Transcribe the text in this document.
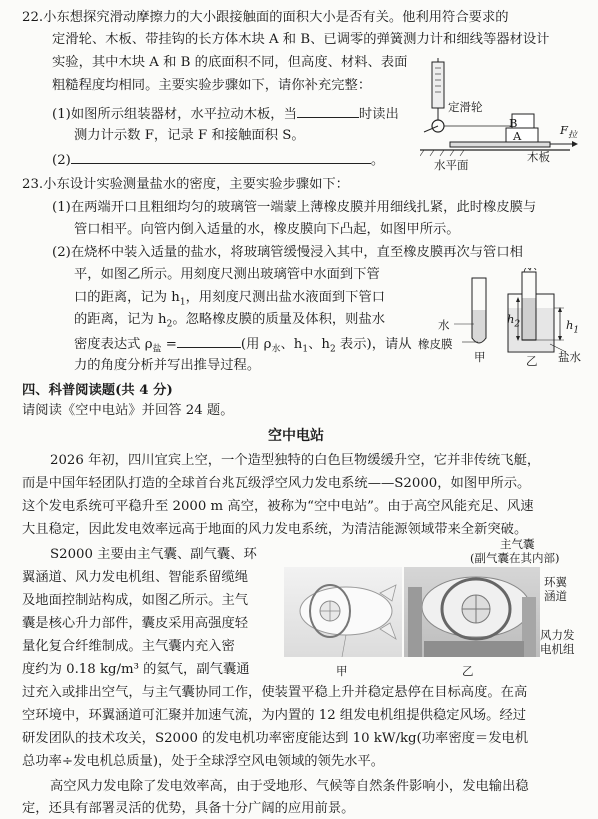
22.小东想探究滑动摩擦力的大小跟接触面的面积大小是否有关。他利用符合要求的
定滑轮、木板、带挂钩的长方体木块 A 和 B、已调零的弹簧测力计和细线等器材设计
实验，其中木块 A 和 B 的底面积不同，但高度、材料、表面
粗糙程度均相同。主要实验步骤如下，请你补充完整：
(1)如图所示组装器材，水平拉动木板，当	时读出
测力计示数 F，记录 F 和接触面积 S。
(2)	。
定滑轮
B
A	$F_拉$
水平面
木板
23.小东设计实验测量盐水的密度，主要实验步骤如下：
(1)在两端开口且粗细均匀的玻璃管一端蒙上薄橡皮膜并用细线扎紧，此时橡皮膜与
管口相平。向管内倒入适量的水，橡皮膜向下凸起，如图甲所示。
(2)在烧杯中装入适量的盐水，将玻璃管缓慢浸入其中，直至橡皮膜再次与管口相
平，如图乙所示。用刻度尺测出玻璃管中水面到下管
口的距离，记为 $h_1$，用刻度尺测出盐水液面到下管口
的距离，记为 $h_2$。忽略橡皮膜的质量及体积，则盐水
密度表达式 $\rho_盐$ =	(用 $\rho_水$、$h_1$、$h_2$ 表示)，请从
力的角度分析并写出推导过程。
水
橡皮膜
甲	乙
$h_2$	$h_1$
盐水
四、科普阅读题(共 4 分)
请阅读《空中电站》并回答 24 题。
空中电站
2026 年初，四川宜宾上空，一个造型独特的白色巨物缓缓升空，它并非传统飞艇，
而是中国年轻团队打造的全球首台兆瓦级浮空风力发电系统——S2000，如图甲所示。
这个发电系统可平稳升至 2000 m 高空，被称为“空中电站”。由于高空风能充足、风速
大且稳定，因此发电效率远高于地面的风力发电系统，为清洁能源领域带来全新突破。
S2000 主要由主气囊、副气囊、环
翼涵道、风力发电机组、智能系留缆绳
及地面控制站构成，如图乙所示。主气
囊是核心升力部件，囊皮采用高强度轻
量化复合纤维制成。主气囊内充入密
度约为 0.18 kg/m³ 的氦气，副气囊通
过充入或排出空气，与主气囊协同工作，使装置平稳上升并稳定悬停在目标高度。在高
空环境中，环翼涵道可汇聚并加速气流，为内置的 12 组发电机组提供稳定风场。经过
研发团队的技术攻关，S2000 的发电机功率密度能达到 10 kW/kg(功率密度＝发电机
总功率÷发电机总质量)，处于全球浮空风电领域的领先水平。
高空风力发电除了发电效率高，由于受地形、气候等自然条件影响小，发电输出稳
定，还具有部署灵活的优势，具备十分广阔的应用前景。
甲	乙
主气囊
(副气囊在其内部)
环翼
涵道
风力发
电机组
